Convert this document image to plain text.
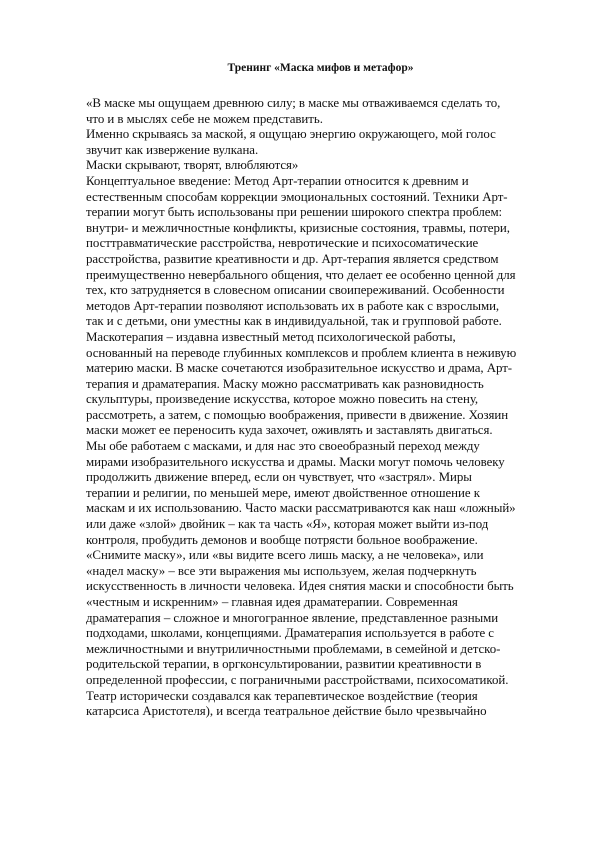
Тренинг «Маска мифов и метафор»
«В маске мы ощущаем древнюю силу; в маске мы отваживаемся сделать то,
что и в мыслях себе не можем представить.
Именно скрываясь за маской, я ощущаю энергию окружающего, мой голос
звучит как извержение вулкана.
Маски скрывают, творят, влюбляются»
Концептуальное введение: Метод Арт-терапии относится к древним и
естественным способам коррекции эмоциональных состояний. Техники Арт-
терапии могут быть использованы при решении широкого спектра проблем:
внутри- и межличностные конфликты, кризисные состояния, травмы, потери,
посттравматические расстройства, невротические и психосоматические
расстройства, развитие креативности и др. Арт-терапия является средством
преимущественно невербального общения, что делает ее особенно ценной для
тех, кто затрудняется в словесном описании своипереживаний. Особенности
методов Арт-терапии позволяют использовать их в работе как с взрослыми,
так и с детьми, они уместны как в индивидуальной, так и групповой работе.
Маскотерапия – издавна известный метод психологической работы,
основанный на переводе глубинных комплексов и проблем клиента в неживую
материю маски. В маске сочетаются изобразительное искусство и драма, Арт-
терапия и драматерапия. Маску можно рассматривать как разновидность
скульптуры, произведение искусства, которое можно повесить на стену,
рассмотреть, а затем, с помощью воображения, привести в движение. Хозяин
маски может ее переносить куда захочет, оживлять и заставлять двигаться.
Мы обе работаем с масками, и для нас это своеобразный переход между
мирами изобразительного искусства и драмы. Маски могут помочь человеку
продолжить движение вперед, если он чувствует, что «застрял». Миры
терапии и религии, по меньшей мере, имеют двойственное отношение к
маскам и их использованию. Часто маски рассматриваются как наш «ложный»
или даже «злой» двойник – как та часть «Я», которая может выйти из-под
контроля, пробудить демонов и вообще потрясти больное воображение.
«Снимите маску», или «вы видите всего лишь маску, а не человека», или
«надел маску» – все эти выражения мы используем, желая подчеркнуть
искусственность в личности человека. Идея снятия маски и способности быть
«честным и искренним» – главная идея драматерапии. Современная
драматерапия – сложное и многогранное явление, представленное разными
подходами, школами, концепциями. Драматерапия используется в работе с
межличностными и внутриличностными проблемами, в семейной и детско-
родительской терапии, в оргконсультировании, развитии креативности в
определенной профессии, с пограничными расстройствами, психосоматикой.
Театр исторически создавался как терапевтическое воздействие (теория
катарсиса Аристотеля), и всегда театральное действие было чрезвычайно
